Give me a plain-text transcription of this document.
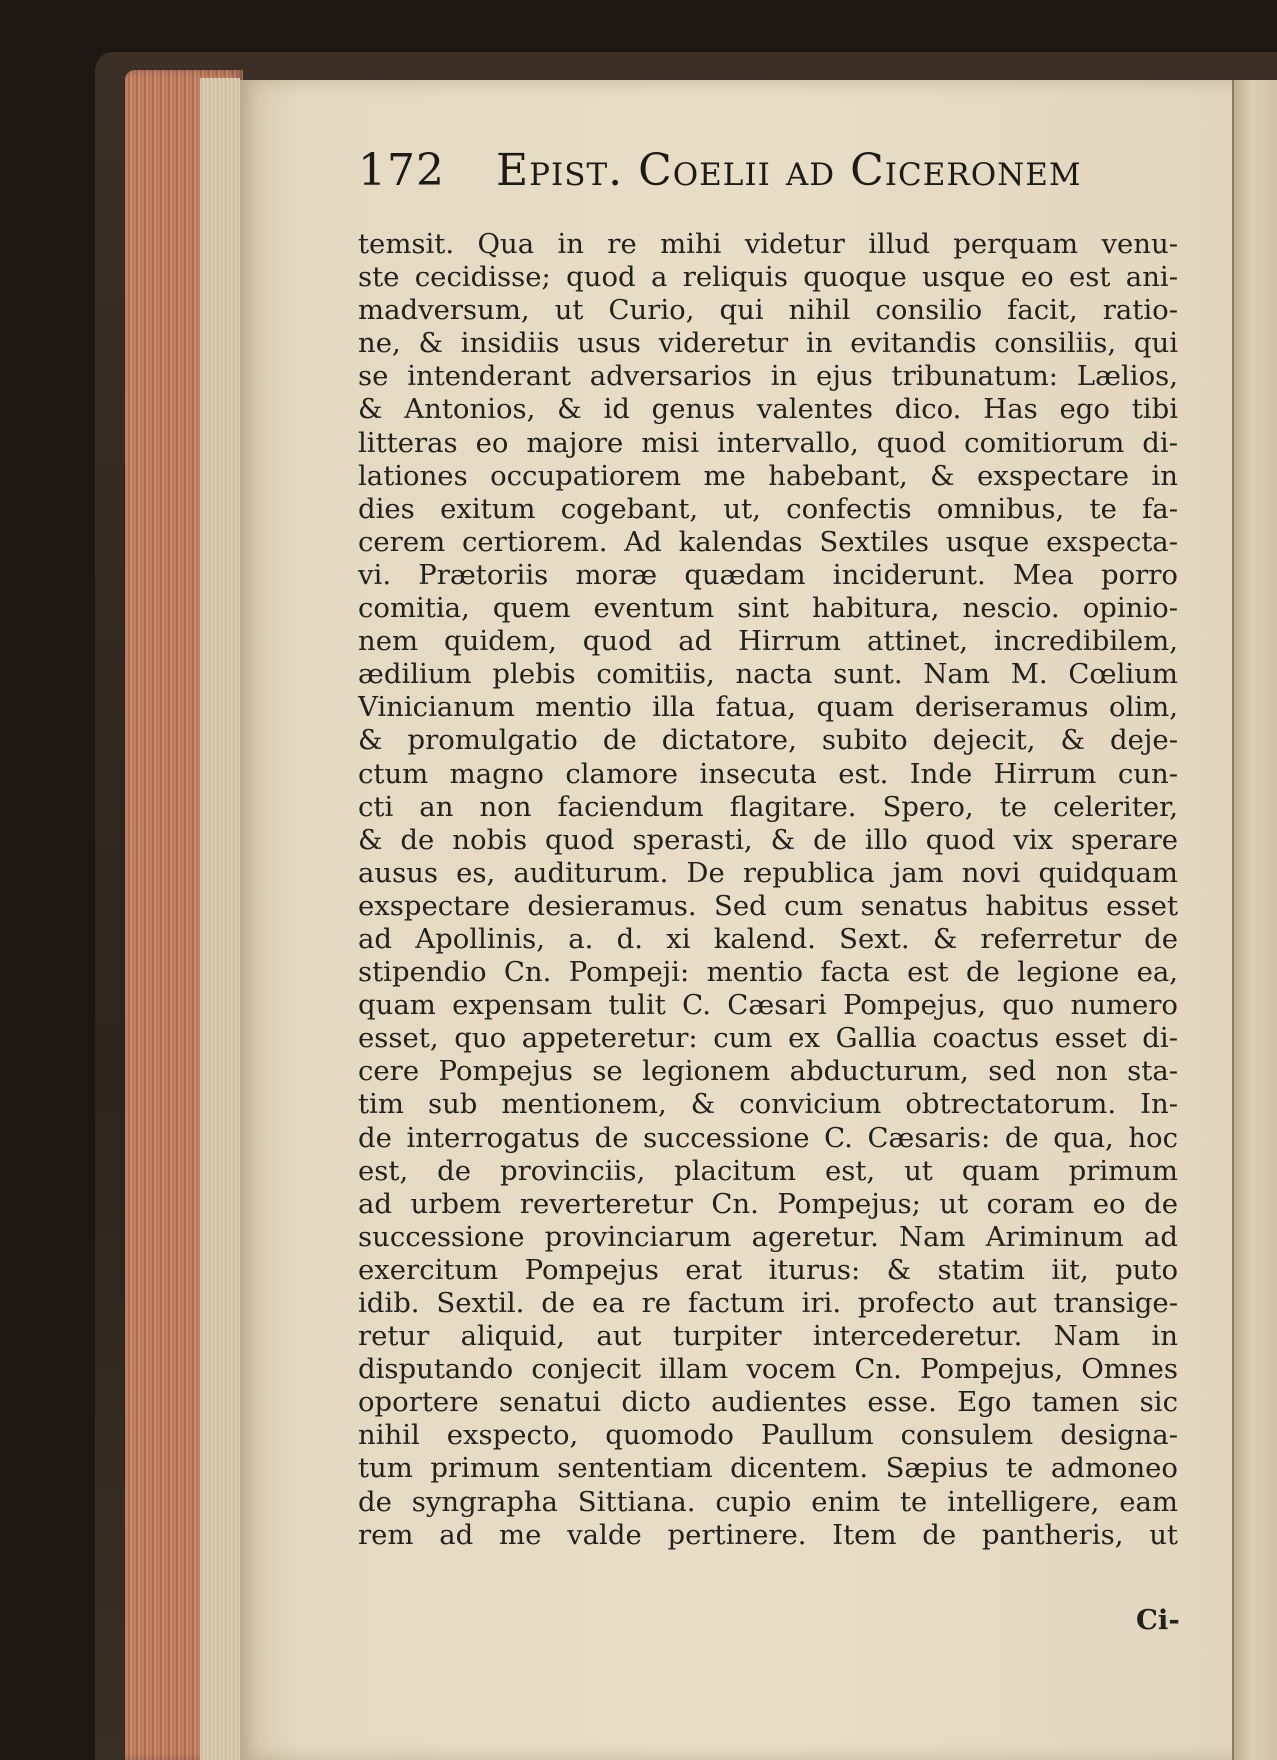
172 Epist. Coelii ad Ciceronem
temsit. Qua in re mihi videtur illud perquam venu-
ste cecidisse; quod a reliquis quoque usque eo est ani-
madversum, ut Curio, qui nihil consilio facit, ratio-
ne, & insidiis usus videretur in evitandis consiliis, qui
se intenderant adversarios in ejus tribunatum: Lælios,
& Antonios, & id genus valentes dico. Has ego tibi
litteras eo majore misi intervallo, quod comitiorum di-
lationes occupatiorem me habebant, & exspectare in
dies exitum cogebant, ut, confectis omnibus, te fa-
cerem certiorem. Ad kalendas Sextiles usque exspecta-
vi. Prætoriis moræ quædam inciderunt. Mea porro
comitia, quem eventum sint habitura, nescio. opinio-
nem quidem, quod ad Hirrum attinet, incredibilem,
ædilium plebis comitiis, nacta sunt. Nam M. Cœlium
Vinicianum mentio illa fatua, quam deriseramus olim,
& promulgatio de dictatore, subito dejecit, & deje-
ctum magno clamore insecuta est. Inde Hirrum cun-
cti an non faciendum flagitare. Spero, te celeriter,
& de nobis quod sperasti, & de illo quod vix sperare
ausus es, auditurum. De republica jam novi quidquam
exspectare desieramus. Sed cum senatus habitus esset
ad Apollinis, a. d. xi kalend. Sext. & referretur de
stipendio Cn. Pompeji: mentio facta est de legione ea,
quam expensam tulit C. Cæsari Pompejus, quo numero
esset, quo appeteretur: cum ex Gallia coactus esset di-
cere Pompejus se legionem abducturum, sed non sta-
tim sub mentionem, & convicium obtrectatorum. In-
de interrogatus de successione C. Cæsaris: de qua, hoc
est, de provinciis, placitum est, ut quam primum
ad urbem reverteretur Cn. Pompejus; ut coram eo de
successione provinciarum ageretur. Nam Ariminum ad
exercitum Pompejus erat iturus: & statim iit, puto
idib. Sextil. de ea re factum iri. profecto aut transige-
retur aliquid, aut turpiter intercederetur. Nam in
disputando conjecit illam vocem Cn. Pompejus, Omnes
oportere senatui dicto audientes esse. Ego tamen sic
nihil exspecto, quomodo Paullum consulem designa-
tum primum sententiam dicentem. Sæpius te admoneo
de syngrapha Sittiana. cupio enim te intelligere, eam
rem ad me valde pertinere. Item de pantheris, ut
Ci-
